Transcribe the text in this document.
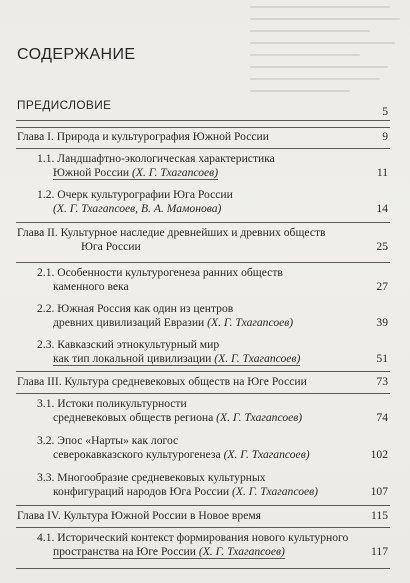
СОДЕРЖАНИЕ
ПРЕДИСЛОВИЕ	5
Глава I. Природа и культурография Южной России	9
1.1. Ландшафтно-экологическая характеристика
Южной России (Х. Г. Тхагапсоев)	11
1.2. Очерк культурографии Юга России
(Х. Г. Тхагапсоев, В. А. Мамонова)	14
Глава II. Культурное наследие древнейших и древних обществ
Юга России	25
2.1. Особенности культурогенеза ранних обществ
каменного века	27
2.2. Южная Россия как один из центров
древних цивилизаций Евразии (Х. Г. Тхагапсоев)	39
2.3. Кавказский этнокультурный мир
как тип локальной цивилизации (Х. Г. Тхагапсоев)	51
Глава III. Культура средневековых обществ на Юге России	73
3.1. Истоки поликультурности
средневековых обществ региона (Х. Г. Тхагапсоев)	74
3.2. Эпос «Нарты» как логос
северокавказского культурогенеза (Х. Г. Тхагапсоев)	102
3.3. Многообразие средневековых культурных
конфигураций народов Юга России (Х. Г. Тхагапсоев)	107
Глава IV. Культура Южной России в Новое время	115
4.1. Исторический контекст формирования нового культурного
пространства на Юге России (Х. Г. Тхагапсоев)	117
